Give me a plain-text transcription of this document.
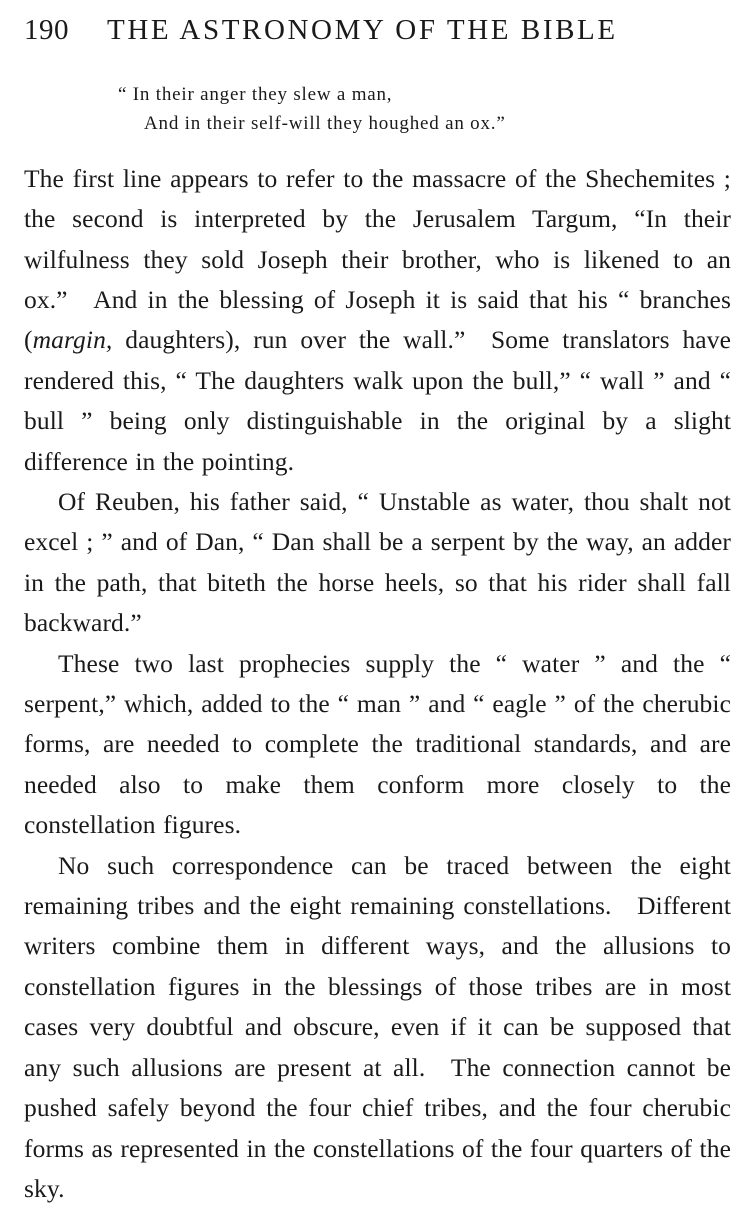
190 THE ASTRONOMY OF THE BIBLE
“ In their anger they slew a man,
And in their self-will they houghed an ox.”

The first line appears to refer to the massacre of the Shechemites ; the second is interpreted by the Jerusalem Targum, “In their wilfulness they sold Joseph their brother, who is likened to an ox.” And in the blessing of Joseph it is said that his “ branches (margin, daughters), run over the wall.” Some translators have rendered this, “ The daughters walk upon the bull,” “ wall ” and “ bull ” being only distinguishable in the original by a slight difference in the pointing.

Of Reuben, his father said, “ Unstable as water, thou shalt not excel ; ” and of Dan, “ Dan shall be a serpent by the way, an adder in the path, that biteth the horse heels, so that his rider shall fall backward.”

These two last prophecies supply the “ water ” and the “ serpent,” which, added to the “ man ” and “ eagle ” of the cherubic forms, are needed to complete the traditional standards, and are needed also to make them conform more closely to the constellation figures.

No such correspondence can be traced between the eight remaining tribes and the eight remaining constellations. Different writers combine them in different ways, and the allusions to constellation figures in the blessings of those tribes are in most cases very doubtful and obscure, even if it can be supposed that any such allusions are present at all. The connection cannot be pushed safely beyond the four chief tribes, and the four cherubic forms as represented in the constellations of the four quarters of the sky.
